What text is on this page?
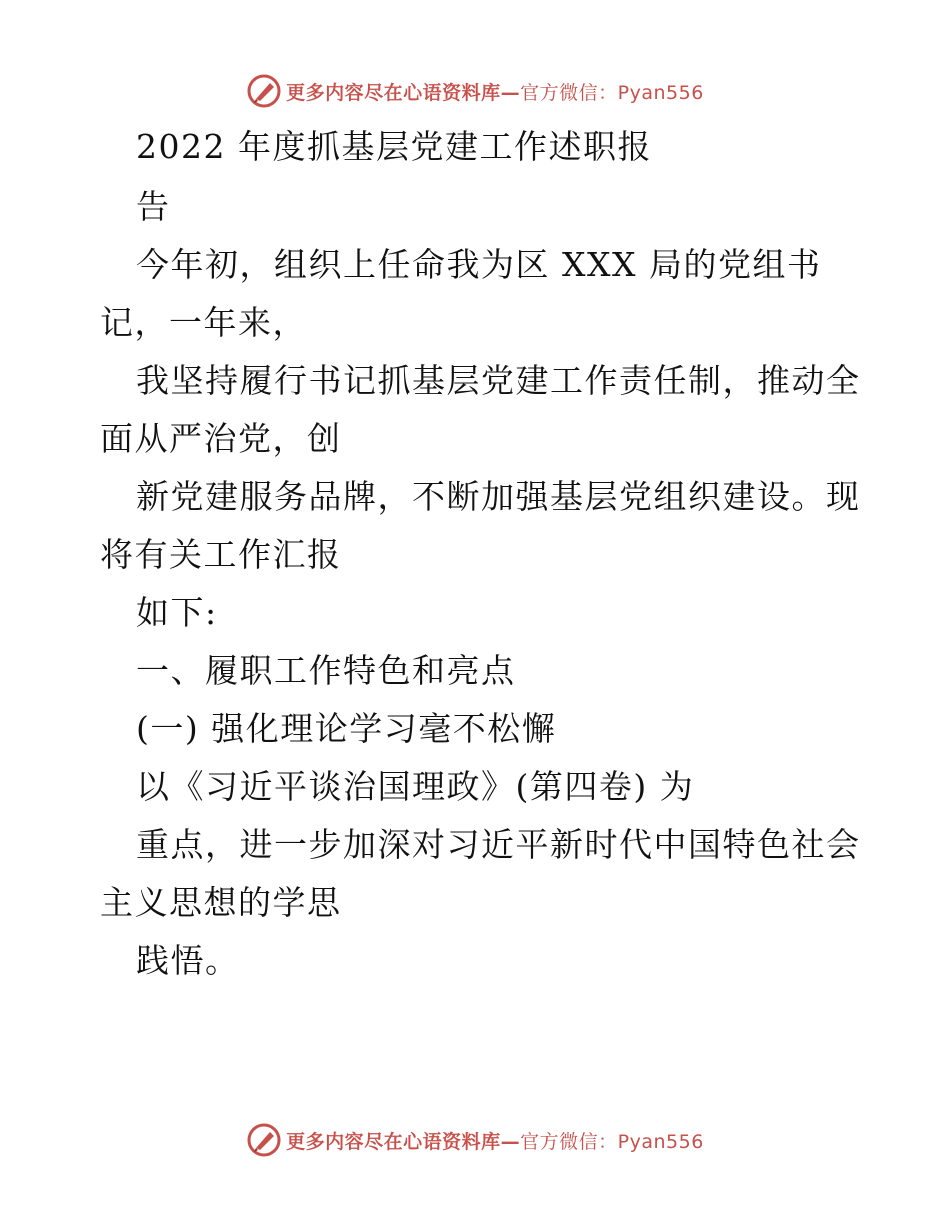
更多内容尽在心语资料库—官方微信：Pyan556
2022 年度抓基层党建工作述职报
告
今年初，组织上任命我为区 XXX 局的党组书
记，一年来，
我坚持履行书记抓基层党建工作责任制，推动全
面从严治党，创
新党建服务品牌，不断加强基层党组织建设。现
将有关工作汇报
如下:
一、履职工作特色和亮点
(一) 强化理论学习毫不松懈
以《习近平谈治国理政》(第四卷) 为
重点，进一步加深对习近平新时代中国特色社会
主义思想的学思
践悟。
更多内容尽在心语资料库—官方微信：Pyan556
